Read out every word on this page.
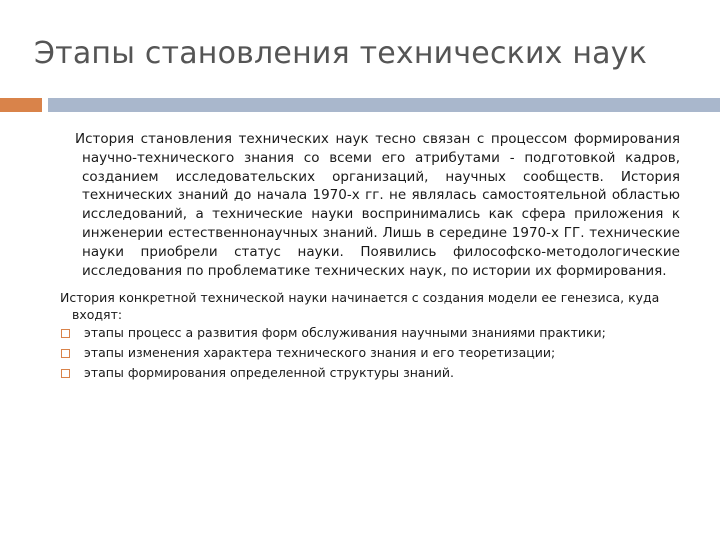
Этапы становления технических наук

История становления технических наук тесно связан с процессом формирования научно-технического знания со всеми его атрибутами - подготовкой кадров, созданием исследовательских организаций, научных сообществ. История технических знаний до начала 1970-х гг. не являлась самостоятельной областью исследований, а технические науки воспринимались как сфера приложения к инженерии естественнонаучных знаний. Лишь в середине 1970-х ГГ. технические науки приобрели статус науки. Появились философско-методологические исследования по проблематике технических наук, по истории их формирования.

История конкретной технической науки начинается с создания модели ее генезиса, куда входят:

этапы процесс а развития форм обслуживания научными знаниями практики;
этапы изменения характера технического знания и его теоретизации;
этапы формирования определенной структуры знаний.
